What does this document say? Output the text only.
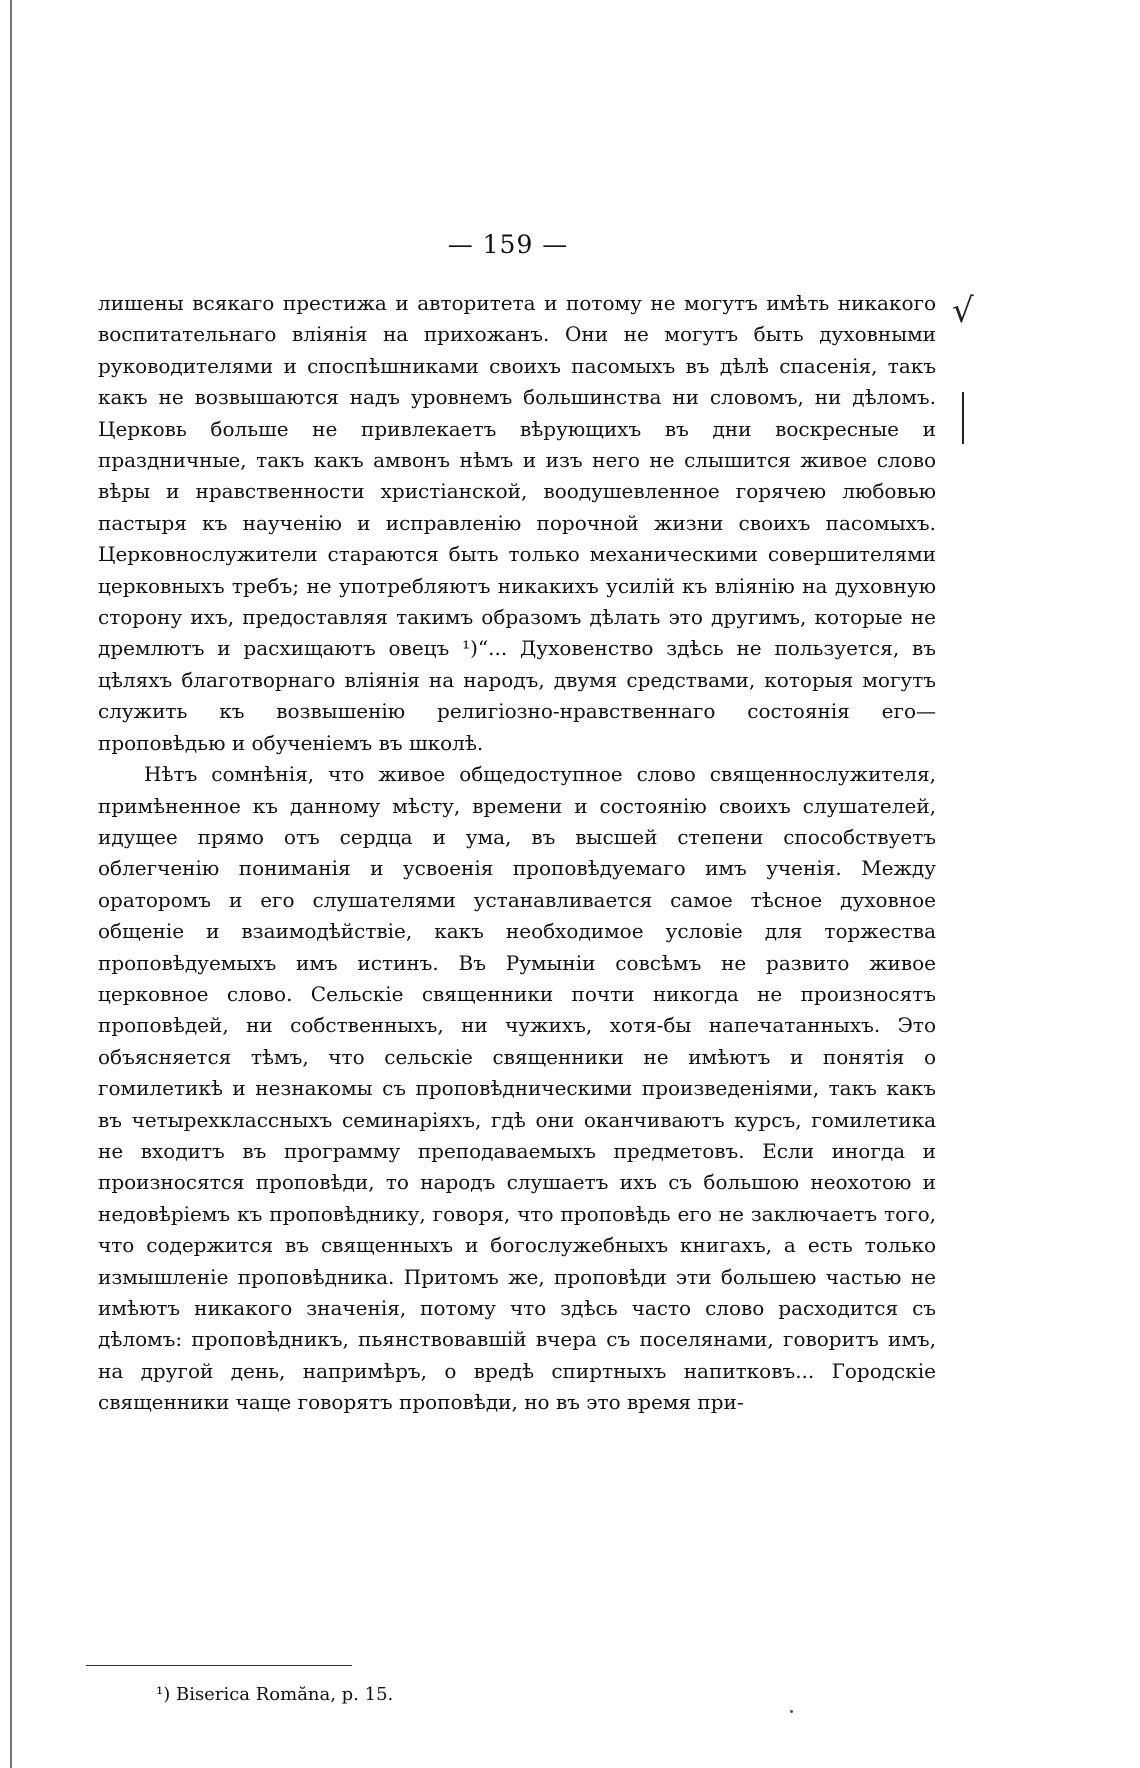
— 159 —
√

лишены всякаго престижа и авторитета и потому не могутъ имѣть никакого воспитательнаго вліянія на прихожанъ. Они не могутъ быть духовными руководителями и споспѣшниками своихъ пасомыхъ въ дѣлѣ спасенія, такъ какъ не возвышаются надъ уровнемъ большинства ни словомъ, ни дѣломъ. Церковь больше не привлекаетъ вѣрующихъ въ дни воскресные и праздничные, такъ какъ амвонъ нѣмъ и изъ него не слышится живое слово вѣры и нравственности христіанской, воодушевленное горячею любовью пастыря къ наученію и исправленію порочной жизни своихъ пасомыхъ. Церковнослужители стараются быть только механическими совершителями церковныхъ требъ; не употребляютъ никакихъ усилій къ вліянію на духовную сторону ихъ, предоставляя такимъ образомъ дѣлать это другимъ, которые не дремлютъ и расхищаютъ овецъ ¹)“... Духовенство здѣсь не пользуется, въ цѣляхъ благотворнаго вліянія на народъ, двумя средствами, которыя могутъ служить къ возвышенію религіозно-нравственнаго состоянія его—проповѣдью и обученіемъ въ школѣ.

Нѣтъ сомнѣнія, что живое общедоступное слово священнослужителя, примѣненное къ данному мѣсту, времени и состоянію своихъ слушателей, идущее прямо отъ сердца и ума, въ высшей степени способствуетъ облегченію пониманія и усвоенія проповѣдуемаго имъ ученія. Между ораторомъ и его слушателями устанавливается самое тѣсное духовное общеніе и взаимодѣйствіе, какъ необходимое условіе для торжества проповѣдуемыхъ имъ истинъ. Въ Румыніи совсѣмъ не развито живое церковное слово. Сельскіе священники почти никогда не произносятъ проповѣдей, ни собственныхъ, ни чужихъ, хотя-бы напечатанныхъ. Это объясняется тѣмъ, что сельскіе священники не имѣютъ и понятія о гомилетикѣ и незнакомы съ проповѣдническими произведеніями, такъ какъ въ четырехклассныхъ семинаріяхъ, гдѣ они оканчиваютъ курсъ, гомилетика не входитъ въ программу преподаваемыхъ предметовъ. Если иногда и произносятся проповѣди, то народъ слушаетъ ихъ съ большою неохотою и недовѣріемъ къ проповѣднику, говоря, что проповѣдь его не заключаетъ того, что содержится въ священныхъ и богослужебныхъ книгахъ, а есть только измышленіе проповѣдника. Притомъ же, проповѣди эти большею частью не имѣютъ никакого значенія, потому что здѣсь часто слово расходится съ дѣломъ: проповѣдникъ, пьянствовавшій вчера съ поселянами, говоритъ имъ, на другой день, напримѣръ, о вредѣ спиртныхъ напитковъ... Городскіе священники чаще говорятъ проповѣди, но въ это время при-

¹) Biserica Romăna, p. 15.
